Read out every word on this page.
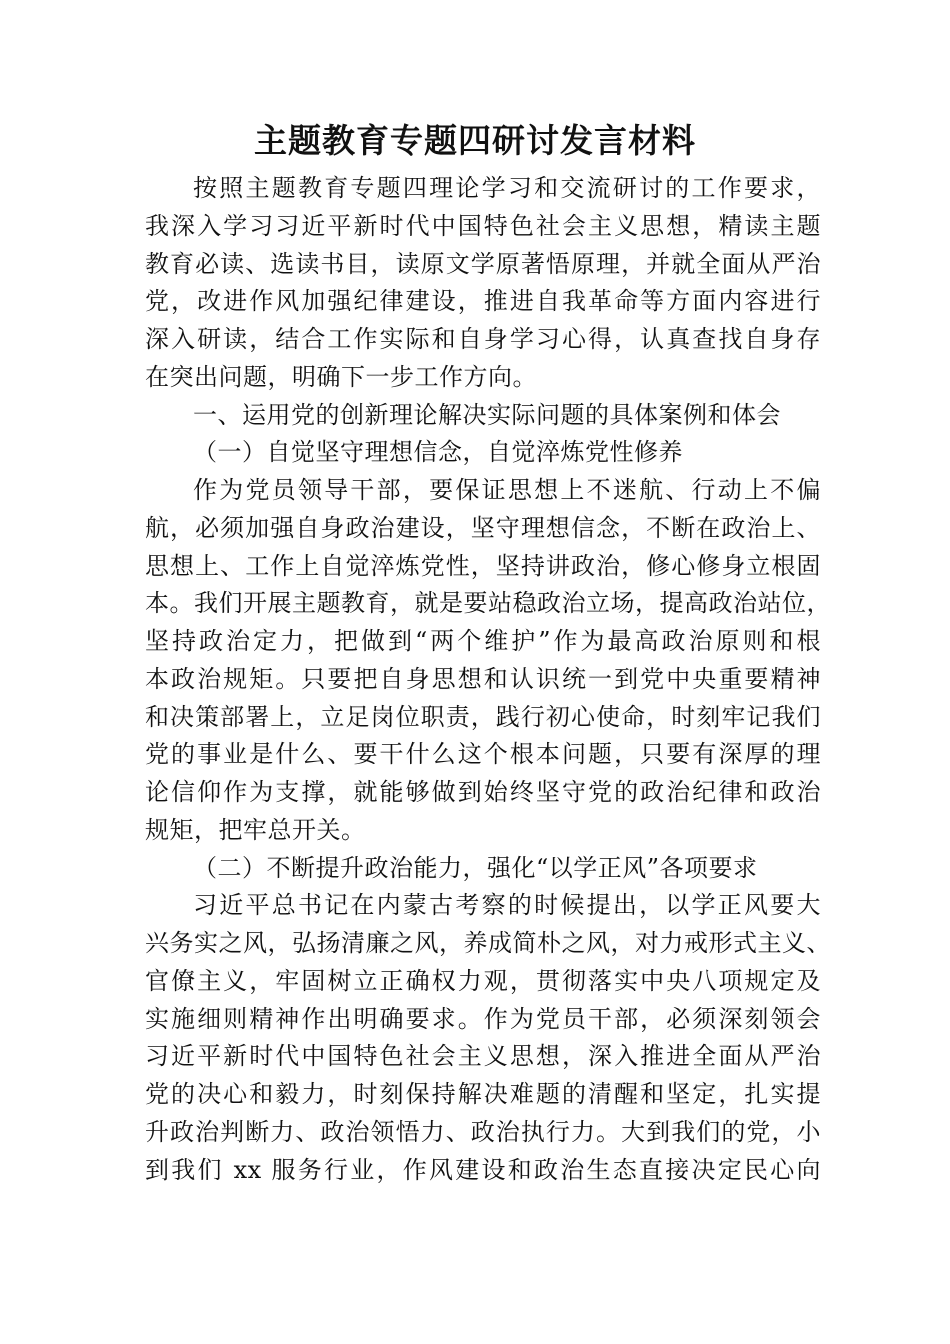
主题教育专题四研讨发言材料
按照主题教育专题四理论学习和交流研讨的工作要求，
我深入学习习近平新时代中国特色社会主义思想，精读主题
教育必读、选读书目，读原文学原著悟原理，并就全面从严治
党，改进作风加强纪律建设，推进自我革命等方面内容进行
深入研读，结合工作实际和自身学习心得，认真查找自身存
在突出问题，明确下一步工作方向。
一、运用党的创新理论解决实际问题的具体案例和体会
（一）自觉坚守理想信念，自觉淬炼党性修养
作为党员领导干部，要保证思想上不迷航、行动上不偏
航，必须加强自身政治建设，坚守理想信念，不断在政治上、
思想上、工作上自觉淬炼党性，坚持讲政治，修心修身立根固
本。我们开展主题教育，就是要站稳政治立场，提高政治站位，
坚持政治定力，把做到“两个维护”作为最高政治原则和根
本政治规矩。只要把自身思想和认识统一到党中央重要精神
和决策部署上，立足岗位职责，践行初心使命，时刻牢记我们
党的事业是什么、要干什么这个根本问题，只要有深厚的理
论信仰作为支撑，就能够做到始终坚守党的政治纪律和政治
规矩，把牢总开关。
（二）不断提升政治能力，强化“以学正风”各项要求
习近平总书记在内蒙古考察的时候提出，以学正风要大
兴务实之风，弘扬清廉之风，养成简朴之风，对力戒形式主义、
官僚主义，牢固树立正确权力观，贯彻落实中央八项规定及
实施细则精神作出明确要求。作为党员干部，必须深刻领会
习近平新时代中国特色社会主义思想，深入推进全面从严治
党的决心和毅力，时刻保持解决难题的清醒和坚定，扎实提
升政治判断力、政治领悟力、政治执行力。大到我们的党，小
到我们 xx 服务行业，作风建设和政治生态直接决定民心向
